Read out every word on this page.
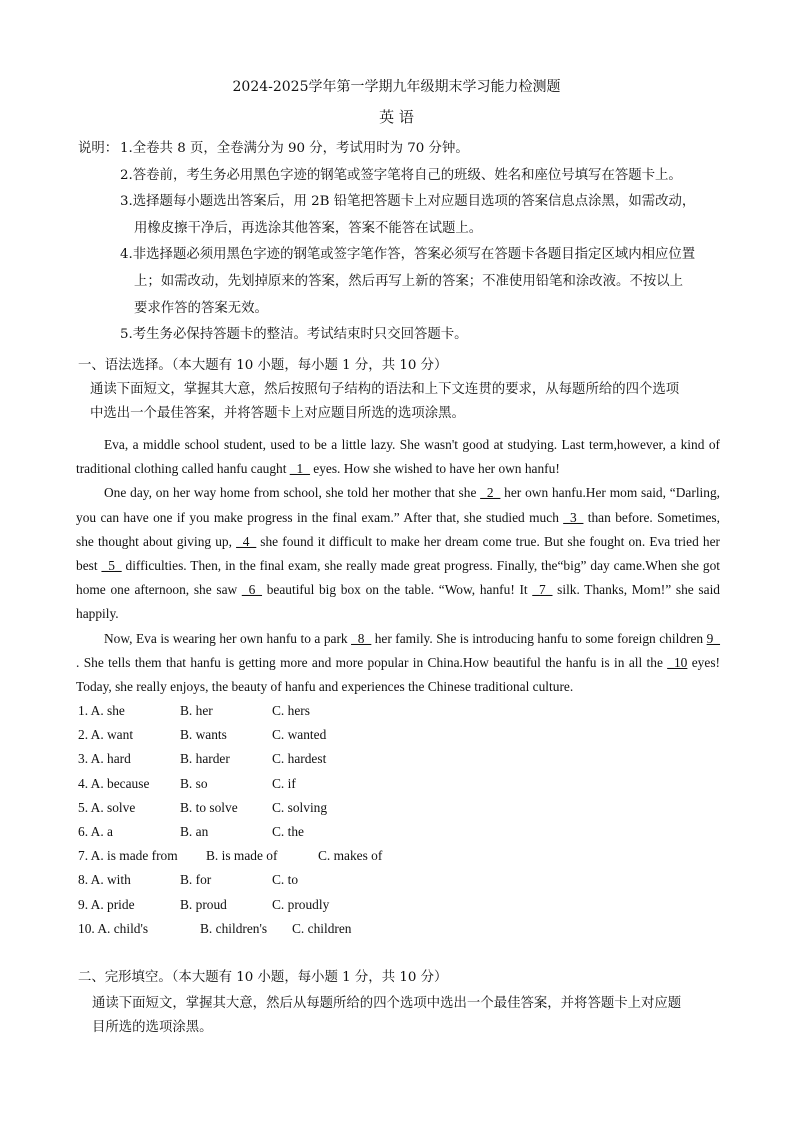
2024-2025学年第一学期九年级期末学习能力检测题
英 语
说明： 1.全卷共 8 页，全卷满分为 90 分，考试用时为 70 分钟。
2.答卷前，考生务必用黑色字迹的钢笔或签字笔将自己的班级、姓名和座位号填写在答题卡上。
3.选择题每小题选出答案后，用 2B 铅笔把答题卡上对应题目选项的答案信息点涂黑，如需改动，
用橡皮擦干净后，再选涂其他答案，答案不能答在试题上。
4.非选择题必须用黑色字迹的钢笔或签字笔作答，答案必须写在答题卡各题目指定区域内相应位置
上；如需改动，先划掉原来的答案，然后再写上新的答案；不准使用铅笔和涂改液。不按以上
要求作答的答案无效。
5.考生务必保持答题卡的整洁。考试结束时只交回答题卡。
一、语法选择。（本大题有 10 小题，每小题 1 分，共 10 分）
通读下面短文，掌握其大意，然后按照句子结构的语法和上下文连贯的要求，从每题所给的四个选项
中选出一个最佳答案，并将答题卡上对应题目所选的选项涂黑。

Eva, a middle school student, used to be a little lazy. She wasn't good at studying. Last term,however, a kind of traditional clothing called hanfu caught _1_ eyes. How she wished to have her own hanfu!

One day, on her way home from school, she told her mother that she _2_ her own hanfu.Her mom said, “Darling, you can have one if you make progress in the final exam.” After that, she studied much _3_ than before. Sometimes, she thought about giving up, _4_ she found it difficult to make her dream come true. But she fought on. Eva tried her best _5_ difficulties. Then, in the final exam, she really made great progress. Finally, the“big” day came.When she got home one afternoon, she saw _6_ beautiful big box on the table. “Wow, hanfu! It _7_ silk. Thanks, Mom!” she said happily.

Now, Eva is wearing her own hanfu to a park _8_ her family. She is introducing hanfu to some foreign children 9_ . She tells them that hanfu is getting more and more popular in China.How beautiful the hanfu is in all the _10 eyes! Today, she really enjoys, the beauty of hanfu and experiences the Chinese traditional culture.

1. A. she	B. her	C. hers
2. A. want	B. wants	C. wanted
3. A. hard	B. harder	C. hardest
4. A. because B. so	C. if
5. A. solve	B. to solve	C. solving
6. A. a	B. an	C. the
7. A. is made from B. is made of	C. makes of
8. A. with	B. for	C. to
9. A. pride	B. proud	C. proudly
10. A. child's	B. children's C. children
二、完形填空。（本大题有 10 小题，每小题 1 分，共 10 分）
通读下面短文，掌握其大意，然后从每题所给的四个选项中选出一个最佳答案，并将答题卡上对应题
目所选的选项涂黑。
